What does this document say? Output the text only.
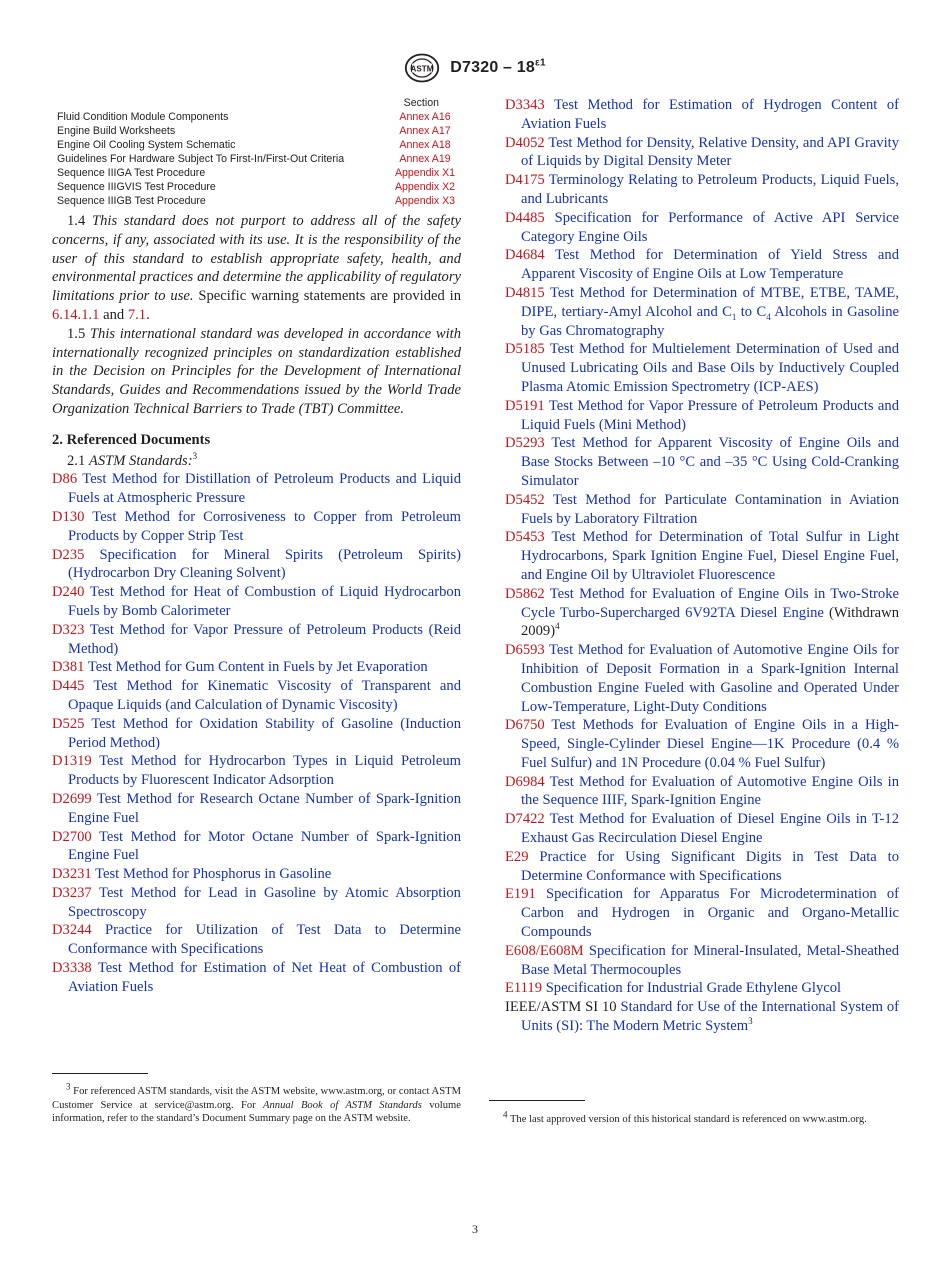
ASTM $D7320 - 18^{\varepsilon 1}$
Section
Fluid Condition Module Components	Annex A16
Engine Build Worksheets	Annex A17
Engine Oil Cooling System Schematic	Annex A18
Guidelines For Hardware Subject To First-In/First-Out Criteria	Annex A19
Sequence IIIGA Test Procedure	Appendix X1
Sequence IIIGVIS Test Procedure	Appendix X2
Sequence IIIGB Test Procedure	Appendix X3

1.4 This standard does not purport to address all of the safety concerns, if any, associated with its use. It is the responsibility of the user of this standard to establish appropriate safety, health, and environmental practices and determine the applicability of regulatory limitations prior to use. Specific warning statements are provided in 6.14.1.1 and 7.1.

1.5 This international standard was developed in accordance with internationally recognized principles on standardization established in the Decision on Principles for the Development of International Standards, Guides and Recommendations issued by the World Trade Organization Technical Barriers to Trade (TBT) Committee.

2. Referenced Documents

2.1 ASTM Standards:$^3$

D86 Test Method for Distillation of Petroleum Products and Liquid Fuels at Atmospheric Pressure
D130 Test Method for Corrosiveness to Copper from Petroleum Products by Copper Strip Test
D235 Specification for Mineral Spirits (Petroleum Spirits) (Hydrocarbon Dry Cleaning Solvent)
D240 Test Method for Heat of Combustion of Liquid Hydrocarbon Fuels by Bomb Calorimeter
D323 Test Method for Vapor Pressure of Petroleum Products (Reid Method)
D381 Test Method for Gum Content in Fuels by Jet Evaporation
D445 Test Method for Kinematic Viscosity of Transparent and Opaque Liquids (and Calculation of Dynamic Viscosity)
D525 Test Method for Oxidation Stability of Gasoline (Induction Period Method)
D1319 Test Method for Hydrocarbon Types in Liquid Petroleum Products by Fluorescent Indicator Adsorption
D2699 Test Method for Research Octane Number of Spark-Ignition Engine Fuel
D2700 Test Method for Motor Octane Number of Spark-Ignition Engine Fuel
D3231 Test Method for Phosphorus in Gasoline
D3237 Test Method for Lead in Gasoline by Atomic Absorption Spectroscopy
D3244 Practice for Utilization of Test Data to Determine Conformance with Specifications
D3338 Test Method for Estimation of Net Heat of Combustion of Aviation Fuels
D3343 Test Method for Estimation of Hydrogen Content of Aviation Fuels
D4052 Test Method for Density, Relative Density, and API Gravity of Liquids by Digital Density Meter
D4175 Terminology Relating to Petroleum Products, Liquid Fuels, and Lubricants
D4485 Specification for Performance of Active API Service Category Engine Oils
D4684 Test Method for Determination of Yield Stress and Apparent Viscosity of Engine Oils at Low Temperature
D4815 Test Method for Determination of MTBE, ETBE, TAME, DIPE, tertiary-Amyl Alcohol and $C_1$ to $C_4$ Alcohols in Gasoline by Gas Chromatography
D5185 Test Method for Multielement Determination of Used and Unused Lubricating Oils and Base Oils by Inductively Coupled Plasma Atomic Emission Spectrometry (ICP-AES)
D5191 Test Method for Vapor Pressure of Petroleum Products and Liquid Fuels (Mini Method)
D5293 Test Method for Apparent Viscosity of Engine Oils and Base Stocks Between –10 °C and –35 °C Using Cold-Cranking Simulator
D5452 Test Method for Particulate Contamination in Aviation Fuels by Laboratory Filtration
D5453 Test Method for Determination of Total Sulfur in Light Hydrocarbons, Spark Ignition Engine Fuel, Diesel Engine Fuel, and Engine Oil by Ultraviolet Fluorescence
D5862 Test Method for Evaluation of Engine Oils in Two-Stroke Cycle Turbo-Supercharged 6V92TA Diesel Engine (Withdrawn 2009)$^4$
D6593 Test Method for Evaluation of Automotive Engine Oils for Inhibition of Deposit Formation in a Spark-Ignition Internal Combustion Engine Fueled with Gasoline and Operated Under Low-Temperature, Light-Duty Conditions
D6750 Test Methods for Evaluation of Engine Oils in a High-Speed, Single-Cylinder Diesel Engine—1K Procedure (0.4 % Fuel Sulfur) and 1N Procedure (0.04 % Fuel Sulfur)
D6984 Test Method for Evaluation of Automotive Engine Oils in the Sequence IIIF, Spark-Ignition Engine
D7422 Test Method for Evaluation of Diesel Engine Oils in T-12 Exhaust Gas Recirculation Diesel Engine
E29 Practice for Using Significant Digits in Test Data to Determine Conformance with Specifications
E191 Specification for Apparatus For Microdetermination of Carbon and Hydrogen in Organic and Organo-Metallic Compounds
E608/E608M Specification for Mineral-Insulated, Metal-Sheathed Base Metal Thermocouples
E1119 Specification for Industrial Grade Ethylene Glycol
IEEE/ASTM SI 10 Standard for Use of the International System of Units (SI): The Modern Metric System$^3$
$^3$ For referenced ASTM standards, visit the ASTM website, www.astm.org, or contact ASTM Customer Service at service@astm.org. For Annual Book of ASTM Standards volume information, refer to the standard’s Document Summary page on the ASTM website.	$^4$ The last approved version of this historical standard is referenced on www.astm.org.
3
